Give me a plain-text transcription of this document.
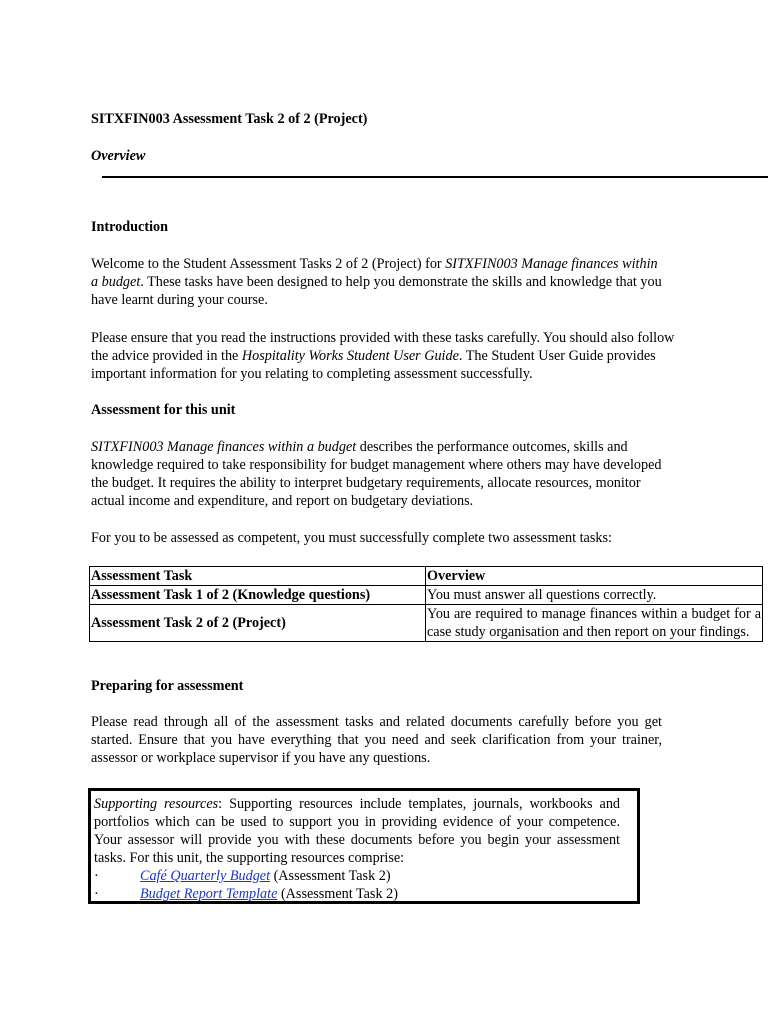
SITXFIN003 Assessment Task 2 of 2 (Project)
Overview
Introduction

Welcome to the Student Assessment Tasks 2 of 2 (Project) for SITXFIN003 Manage finances within a budget. These tasks have been designed to help you demonstrate the skills and knowledge that you have learnt during your course.

Please ensure that you read the instructions provided with these tasks carefully. You should also follow the advice provided in the Hospitality Works Student User Guide. The Student User Guide provides important information for you relating to completing assessment successfully.

Assessment for this unit

SITXFIN003 Manage finances within a budget describes the performance outcomes, skills and knowledge required to take responsibility for budget management where others may have developed the budget. It requires the ability to interpret budgetary requirements, allocate resources, monitor actual income and expenditure, and report on budgetary deviations.

For you to be assessed as competent, you must successfully complete two assessment tasks:

Assessment Task	Overview
Assessment Task 1 of 2 (Knowledge questions)	You must answer all questions correctly.
Assessment Task 2 of 2 (Project)	You are required to manage finances within a budget for a case study organisation and then report on your findings.
Preparing for assessment

Please read through all of the assessment tasks and related documents carefully before you get started. Ensure that you have everything that you need and seek clarification from your trainer, assessor or workplace supervisor if you have any questions.

Supporting resources: Supporting resources include templates, journals, workbooks and portfolios which can be used to support you in providing evidence of your competence. Your assessor will provide you with these documents before you begin your assessment tasks. For this unit, the supporting resources comprise:

·	Café Quarterly Budget (Assessment Task 2)
·	Budget Report Template (Assessment Task 2)
